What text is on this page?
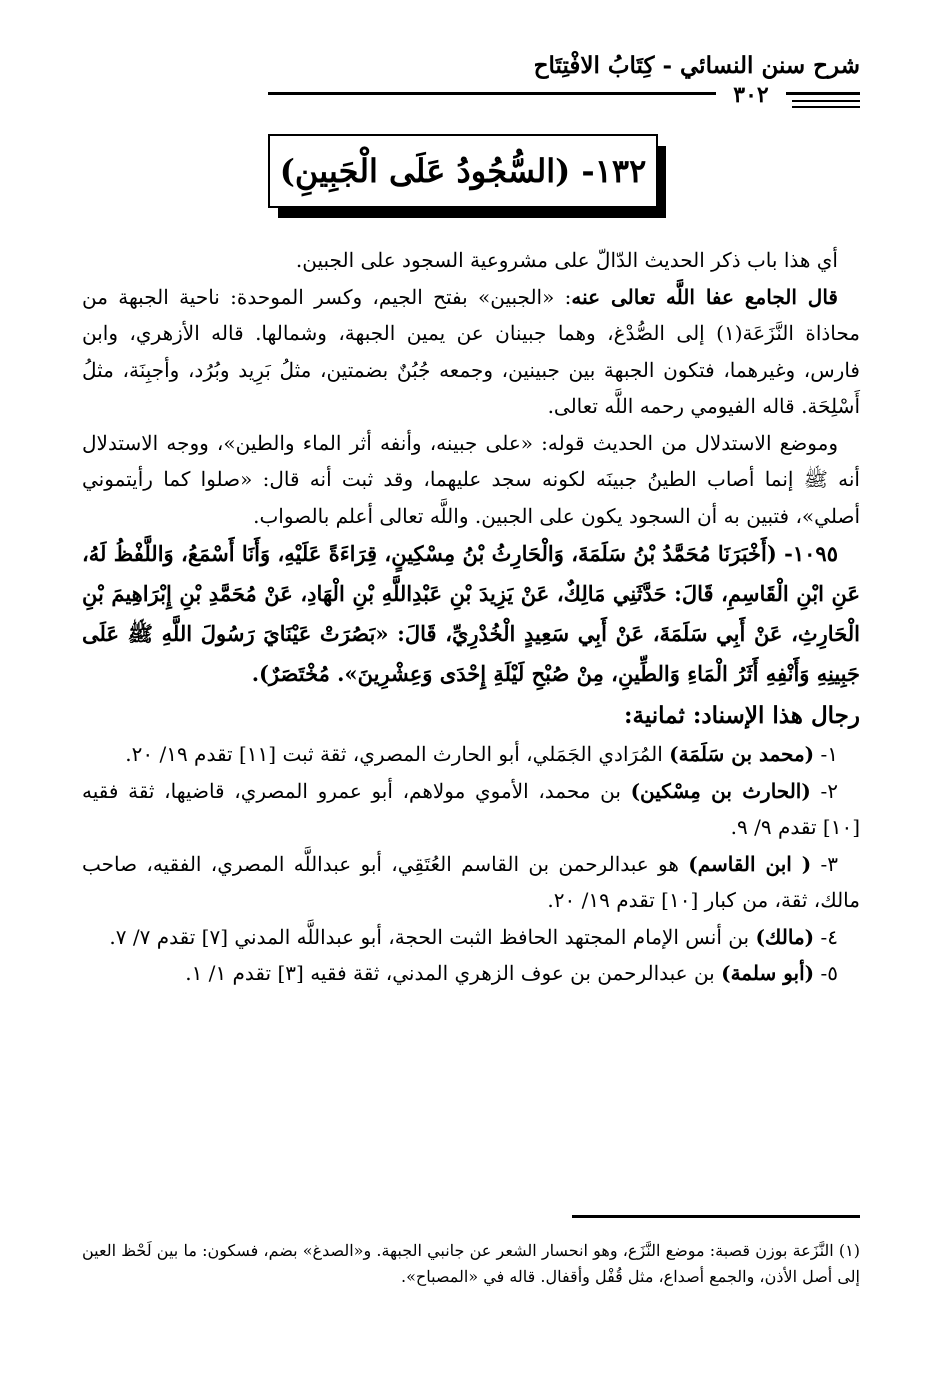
شرح سنن النسائي - كِتَابُ الافْتِتَاح
٣٠٢
١٣٢- (السُّجُودُ عَلَى الْجَبِينِ)

أي هذا باب ذكر الحديث الدّالّ على مشروعية السجود على الجبين.

قال الجامع عفا اللَّه تعالى عنه: «الجبين» بفتح الجيم، وكسر الموحدة: ناحية الجبهة من محاذاة النَّزَعَة(١) إلى الصُّدْغ، وهما جبينان عن يمين الجبهة، وشمالها. قاله الأزهري، وابن فارس، وغيرهما، فتكون الجبهة بين جبينين، وجمعه جُبُنٌ بضمتين، مثلُ بَرِيد وبُرُد، وأجبِنَة، مثلُ أَسْلِحَة. قاله الفيومي رحمه اللَّه تعالى.

وموضع الاستدلال من الحديث قوله: «على جبينه، وأنفه أثر الماء والطين»، ووجه الاستدلال أنه ﷺ إنما أصاب الطينُ جبينَه لكونه سجد عليهما، وقد ثبت أنه قال: «صلوا كما رأيتموني أصلي»، فتبين به أن السجود يكون على الجبين. واللَّه تعالى أعلم بالصواب.

١٠٩٥- (أَخْبَرَنَا مُحَمَّدُ بْنُ سَلَمَةَ، وَالْحَارِثُ بْنُ مِسْكِينٍ، قِرَاءَةً عَلَيْهِ، وَأَنَا أَسْمَعُ، وَاللَّفْظُ لَهُ، عَنِ ابْنِ الْقَاسِمِ، قَالَ: حَدَّثَنِي مَالِكٌ، عَنْ يَزِيدَ بْنِ عَبْدِاللَّهِ بْنِ الْهَادِ، عَنْ مُحَمَّدِ بْنِ إِبْرَاهِيمَ بْنِ الْحَارِثِ، عَنْ أَبِي سَلَمَةَ، عَنْ أَبِي سَعِيدٍ الْخُدْرِيِّ، قَالَ: «بَصُرَتْ عَيْنَايَ رَسُولَ اللَّهِ ﷺ عَلَى جَبِينِهِ وَأَنْفِهِ أَثَرُ الْمَاءِ وَالطِّينِ، مِنْ صُبْحِ لَيْلَةِ إِحْدَى وَعِشْرِينَ». مُخْتَصَرٌ).

رجال هذا الإسناد: ثمانية:

١- (محمد بن سَلَمَة) المُرَادي الجَمَلي، أبو الحارث المصري، ثقة ثبت [١١] تقدم ١٩/ ٢٠.

٢- (الحارث بن مِسْكين) بن محمد، الأموي مولاهم، أبو عمرو المصري، قاضيها، ثقة فقيه [١٠] تقدم ٩/ ٩.

٣- ( ابن القاسم) هو عبدالرحمن بن القاسم العُتَقِي، أبو عبداللَّه المصري، الفقيه، صاحب مالك، ثقة، من كبار [١٠] تقدم ١٩/ ٢٠.

٤- (مالك) بن أنس الإمام المجتهد الحافظ الثبت الحجة، أبو عبداللَّه المدني [٧] تقدم ٧/ ٧.

٥- (أبو سلمة) بن عبدالرحمن بن عوف الزهري المدني، ثقة فقيه [٣] تقدم ١/ ١.

(١) النَّزَعة بوزن قصبة: موضع النَّزَع، وهو انحسار الشعر عن جانبي الجبهة. و«الصدغ» بضم، فسكون: ما بين لَحْظ العين إلى أصل الأذن، والجمع أصداع، مثل قُفْل وأقفال. قاله في «المصباح».
